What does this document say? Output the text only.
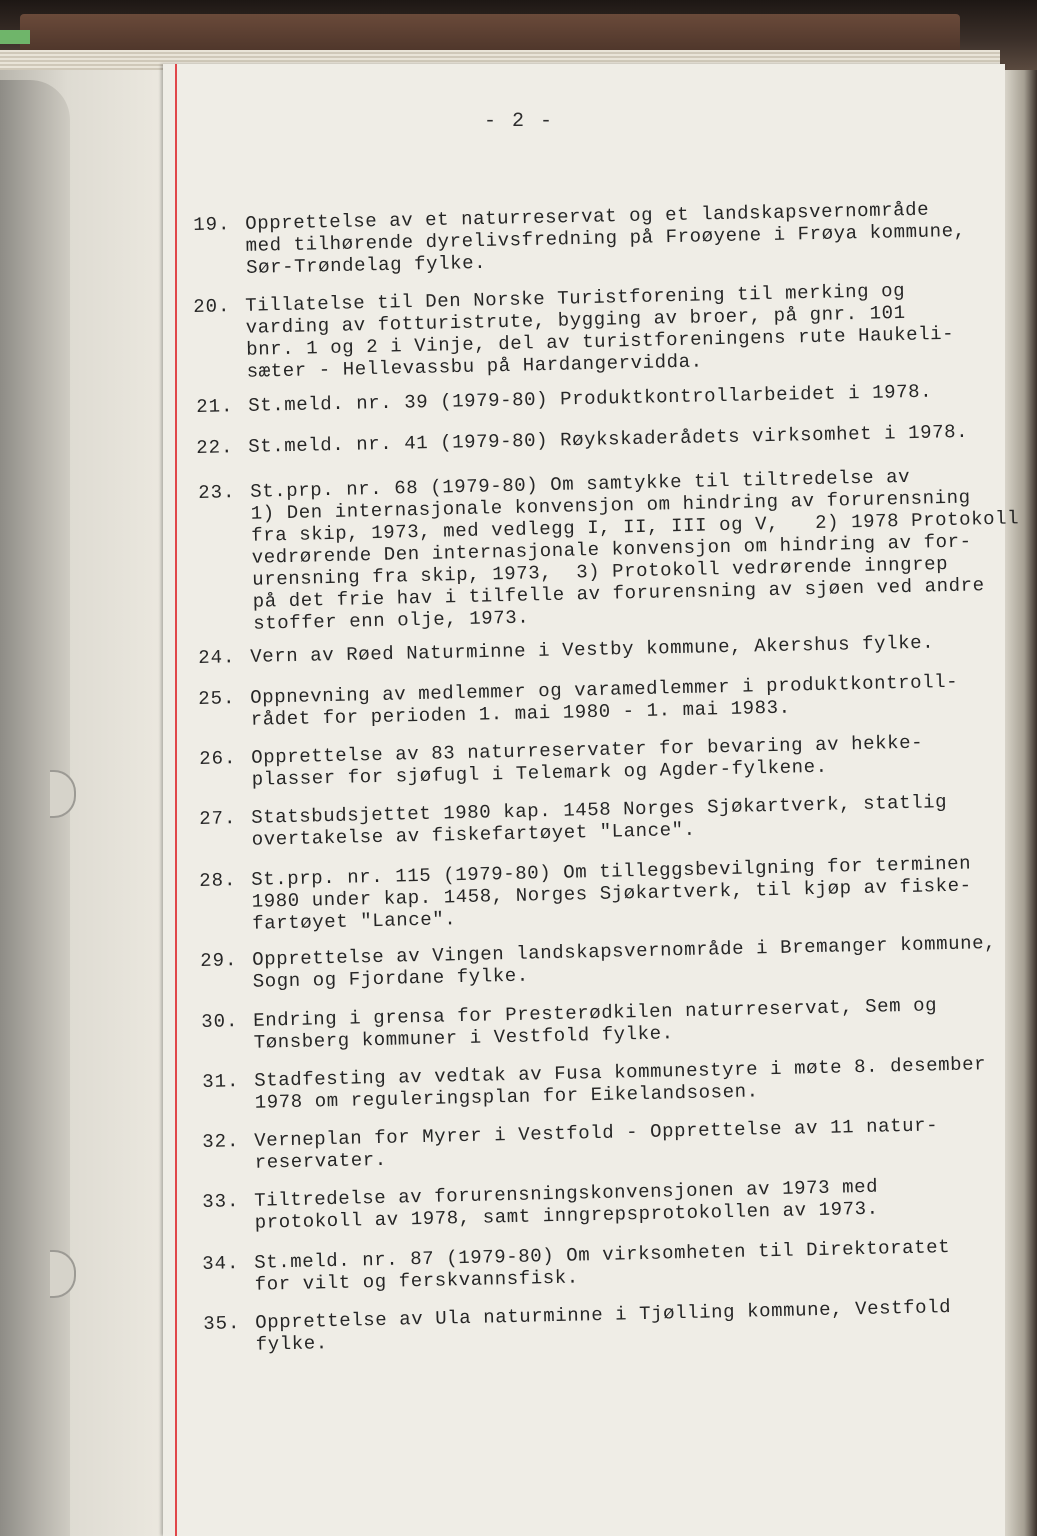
- 2 -
19. Opprettelse av et naturreservat og et landskapsvernområde
med tilhørende dyrelivsfredning på Froøyene i Frøya kommune,
Sør-Trøndelag fylke.
20. Tillatelse til Den Norske Turistforening til merking og
varding av fotturistrute, bygging av broer, på gnr. 101
bnr. 1 og 2 i Vinje, del av turistforeningens rute Haukeli-
sæter - Hellevassbu på Hardangervidda.
21. St.meld. nr. 39 (1979-80) Produktkontrollarbeidet i 1978.
22. St.meld. nr. 41 (1979-80) Røykskaderådets virksomhet i 1978.
23. St.prp. nr. 68 (1979-80) Om samtykke til tiltredelse av
1) Den internasjonale konvensjon om hindring av forurensning
fra skip, 1973, med vedlegg I, II, III og V,   2) 1978 Protokoll
vedrørende Den internasjonale konvensjon om hindring av for-
urensning fra skip, 1973,  3) Protokoll vedrørende inngrep
på det frie hav i tilfelle av forurensning av sjøen ved andre
stoffer enn olje, 1973.
24. Vern av Røed Naturminne i Vestby kommune, Akershus fylke.
25. Oppnevning av medlemmer og varamedlemmer i produktkontroll-
rådet for perioden 1. mai 1980 - 1. mai 1983.
26. Opprettelse av 83 naturreservater for bevaring av hekke-
plasser for sjøfugl i Telemark og Agder-fylkene.
27. Statsbudsjettet 1980 kap. 1458 Norges Sjøkartverk, statlig
overtakelse av fiskefartøyet "Lance".
28. St.prp. nr. 115 (1979-80) Om tilleggsbevilgning for terminen
1980 under kap. 1458, Norges Sjøkartverk, til kjøp av fiske-
fartøyet "Lance".
29. Opprettelse av Vingen landskapsvernområde i Bremanger kommune,
Sogn og Fjordane fylke.
30. Endring i grensa for Presterødkilen naturreservat, Sem og
Tønsberg kommuner i Vestfold fylke.
31. Stadfesting av vedtak av Fusa kommunestyre i møte 8. desember
1978 om reguleringsplan for Eikelandsosen.
32. Verneplan for Myrer i Vestfold - Opprettelse av 11 natur-
reservater.
33. Tiltredelse av forurensningskonvensjonen av 1973 med
protokoll av 1978, samt inngrepsprotokollen av 1973.
34. St.meld. nr. 87 (1979-80) Om virksomheten til Direktoratet
for vilt og ferskvannsfisk.
35. Opprettelse av Ula naturminne i Tjølling kommune, Vestfold
fylke.
